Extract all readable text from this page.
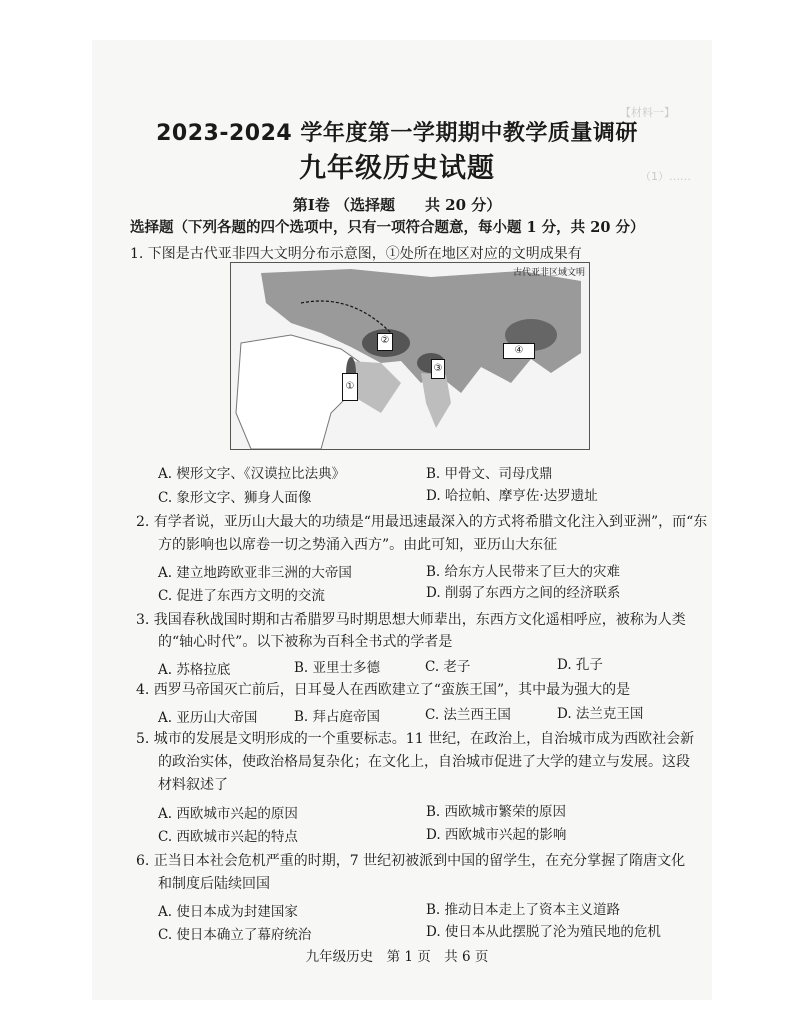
【材料一】
（1）……
2023-2024 学年度第一学期期中教学质量调研
九年级历史试题
第Ⅰ卷 （选择题　　共 20 分）
选择题（下列各题的四个选项中，只有一项符合题意，每小题 1 分，共 20 分）
1. 下图是古代亚非四大文明分布示意图，①处所在地区对应的文明成果有
古代亚非区域文明
①
②
③
④
A. 楔形文字、《汉谟拉比法典》	B. 甲骨文、司母戊鼎
C. 象形文字、狮身人面像	D. 哈拉帕、摩亨佐·达罗遗址
2. 有学者说，亚历山大最大的功绩是“用最迅速最深入的方式将希腊文化注入到亚洲”，而“东
方的影响也以席卷一切之势涌入西方”。由此可知，亚历山大东征
A. 建立地跨欧亚非三洲的大帝国	B. 给东方人民带来了巨大的灾难
C. 促进了东西方文明的交流	D. 削弱了东西方之间的经济联系
3. 我国春秋战国时期和古希腊罗马时期思想大师辈出，东西方文化遥相呼应，被称为人类
的“轴心时代”。以下被称为百科全书式的学者是
A. 苏格拉底	B. 亚里士多德	C. 老子	D. 孔子
4. 西罗马帝国灭亡前后，日耳曼人在西欧建立了“蛮族王国”，其中最为强大的是
A. 亚历山大帝国	B. 拜占庭帝国	C. 法兰西王国	D. 法兰克王国
5. 城市的发展是文明形成的一个重要标志。11 世纪，在政治上，自治城市成为西欧社会新
的政治实体，使政治格局复杂化；在文化上，自治城市促进了大学的建立与发展。这段
材料叙述了
A. 西欧城市兴起的原因	B. 西欧城市繁荣的原因
C. 西欧城市兴起的特点	D. 西欧城市兴起的影响
6. 正当日本社会危机严重的时期，7 世纪初被派到中国的留学生，在充分掌握了隋唐文化
和制度后陆续回国
A. 使日本成为封建国家	B. 推动日本走上了资本主义道路
C. 使日本确立了幕府统治	D. 使日本从此摆脱了沦为殖民地的危机
九年级历史　第 1 页　共 6 页
